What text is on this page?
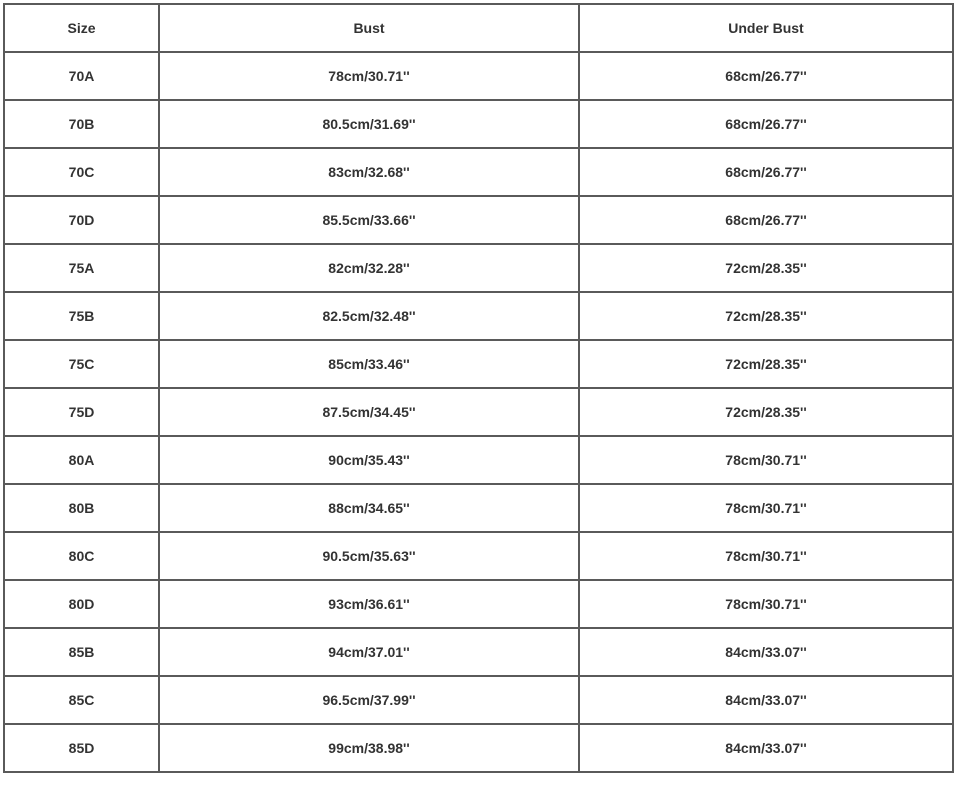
Size	Bust	Under Bust
70A	78cm/30.71''	68cm/26.77''
70B	80.5cm/31.69''	68cm/26.77''
70C	83cm/32.68''	68cm/26.77''
70D	85.5cm/33.66''	68cm/26.77''
75A	82cm/32.28''	72cm/28.35''
75B	82.5cm/32.48''	72cm/28.35''
75C	85cm/33.46''	72cm/28.35''
75D	87.5cm/34.45''	72cm/28.35''
80A	90cm/35.43''	78cm/30.71''
80B	88cm/34.65''	78cm/30.71''
80C	90.5cm/35.63''	78cm/30.71''
80D	93cm/36.61''	78cm/30.71''
85B	94cm/37.01''	84cm/33.07''
85C	96.5cm/37.99''	84cm/33.07''
85D	99cm/38.98''	84cm/33.07''
